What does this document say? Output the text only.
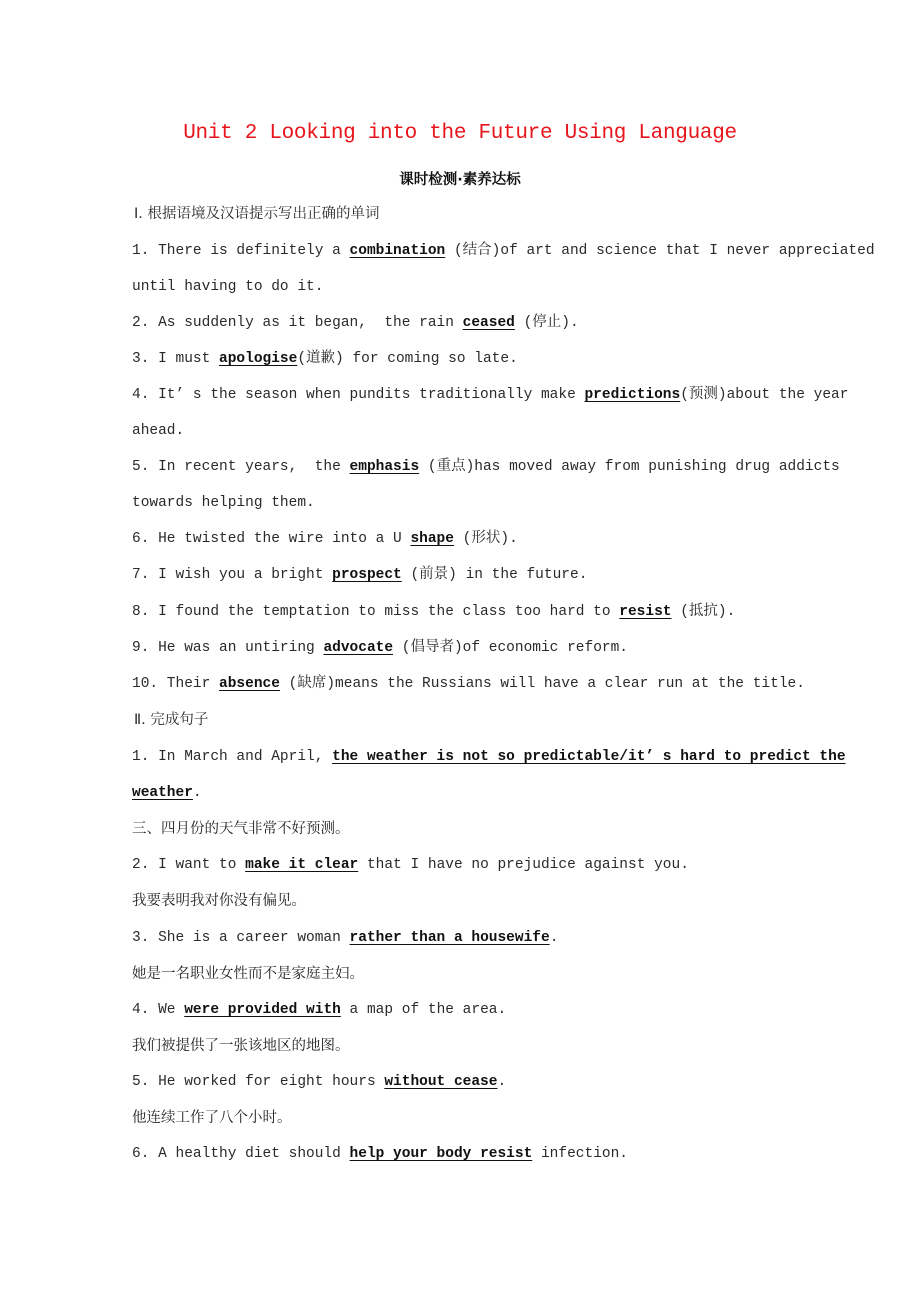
Unit 2 Looking into the Future Using Language
课时检测·素养达标
Ⅰ. 根据语境及汉语提示写出正确的单词
1. There is definitely a combination (结合)of art and science that I never appreciated
until having to do it.
2. As suddenly as it began,  the rain ceased (停止).
3. I must apologise(道歉) for coming so late.
4. It’ s the season when pundits traditionally make predictions(预测)about the year
ahead.
5. In recent years,  the emphasis (重点)has moved away from punishing drug addicts
towards helping them.
6. He twisted the wire into a U shape (形状).
7. I wish you a bright prospect (前景) in the future.
8. I found the temptation to miss the class too hard to resist (抵抗).
9. He was an untiring advocate (倡导者)of economic reform.
10. Their absence (缺席)means the Russians will have a clear run at the title.
Ⅱ. 完成句子
1. In March and April, the weather is not so predictable/it’ s hard to predict the
weather.
三、四月份的天气非常不好预测。
2. I want to make it clear that I have no prejudice against you.
我要表明我对你没有偏见。
3. She is a career woman rather than a housewife.
她是一名职业女性而不是家庭主妇。
4. We were provided with a map of the area.
我们被提供了一张该地区的地图。
5. He worked for eight hours without cease.
他连续工作了八个小时。
6. A healthy diet should help your body resist infection.
